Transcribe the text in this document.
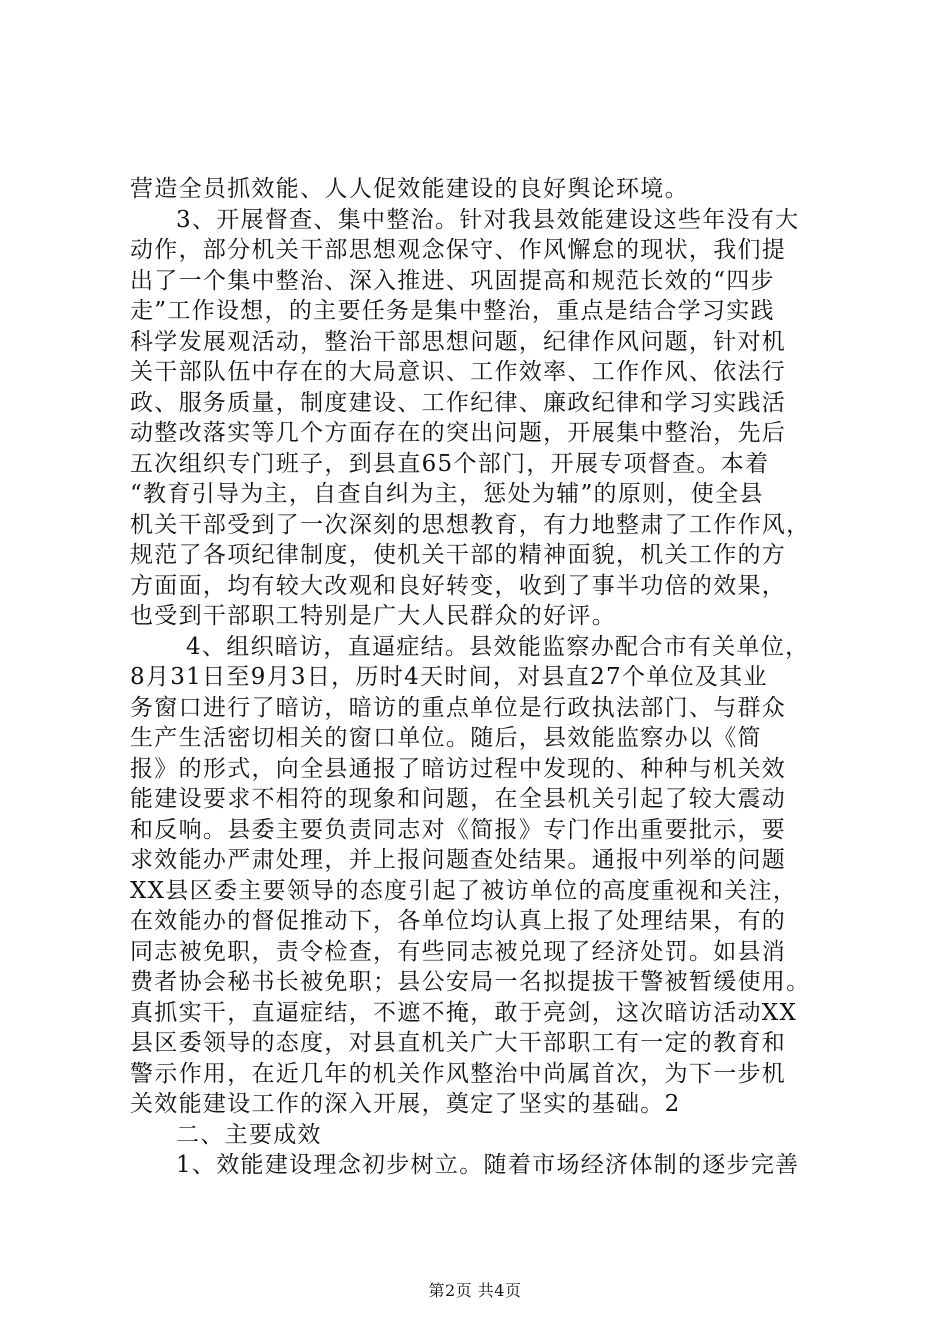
营造全员抓效能、人人促效能建设的良好舆论环境。
3、开展督查、集中整治。针对我县效能建设这些年没有大
动作，部分机关干部思想观念保守、作风懈怠的现状，我们提
出了一个集中整治、深入推进、巩固提高和规范长效的“四步
走”工作设想，的主要任务是集中整治，重点是结合学习实践
科学发展观活动，整治干部思想问题，纪律作风问题，针对机
关干部队伍中存在的大局意识、工作效率、工作作风、依法行
政、服务质量，制度建设、工作纪律、廉政纪律和学习实践活
动整改落实等几个方面存在的突出问题，开展集中整治，先后
五次组织专门班子，到县直65个部门，开展专项督查。本着
“教育引导为主，自查自纠为主，惩处为辅”的原则，使全县
机关干部受到了一次深刻的思想教育，有力地整肃了工作作风，
规范了各项纪律制度，使机关干部的精神面貌，机关工作的方
方面面，均有较大改观和良好转变，收到了事半功倍的效果，
也受到干部职工特别是广大人民群众的好评。
4、组织暗访，直逼症结。县效能监察办配合市有关单位，
8月31日至9月3日，历时4天时间，对县直27个单位及其业
务窗口进行了暗访，暗访的重点单位是行政执法部门、与群众
生产生活密切相关的窗口单位。随后，县效能监察办以《简
报》的形式，向全县通报了暗访过程中发现的、种种与机关效
能建设要求不相符的现象和问题，在全县机关引起了较大震动
和反响。县委主要负责同志对《简报》专门作出重要批示，要
求效能办严肃处理，并上报问题查处结果。通报中列举的问题
XX县区委主要领导的态度引起了被访单位的高度重视和关注，
在效能办的督促推动下，各单位均认真上报了处理结果，有的
同志被免职，责令检查，有些同志被兑现了经济处罚。如县消
费者协会秘书长被免职；县公安局一名拟提拔干警被暂缓使用。
真抓实干，直逼症结，不遮不掩，敢于亮剑，这次暗访活动XX
县区委领导的态度，对县直机关广大干部职工有一定的教育和
警示作用，在近几年的机关作风整治中尚属首次，为下一步机
关效能建设工作的深入开展，奠定了坚实的基础。2
二、主要成效
1、效能建设理念初步树立。随着市场经济体制的逐步完善
第2页 共4页
